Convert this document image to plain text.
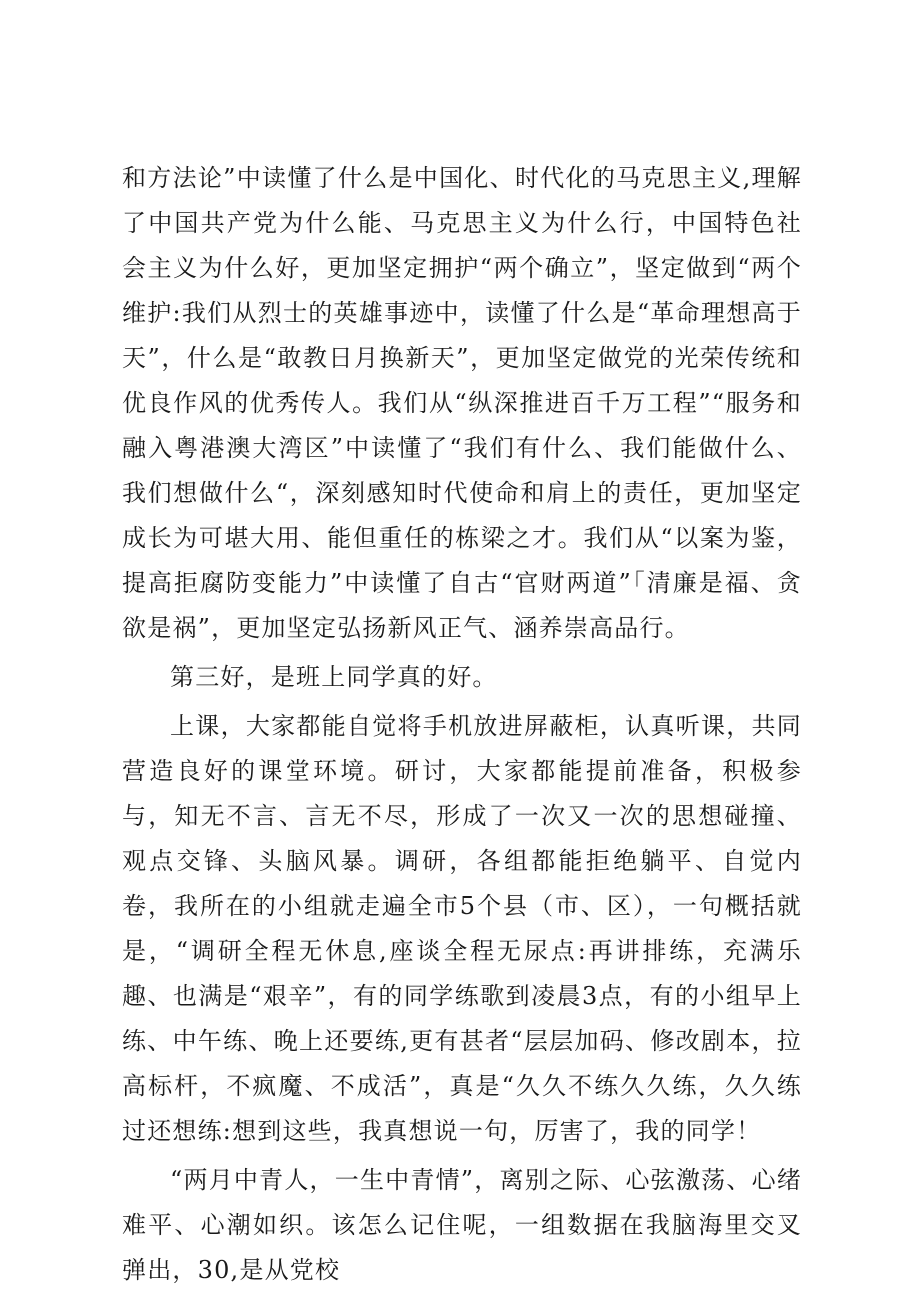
和方法论”中读懂了什么是中国化、时代化的马克思主义,理解了中国共产党为什么能、马克思主义为什么行，中国特色社会主义为什么好，更加坚定拥护“两个确立”，坚定做到“两个维护:我们从烈士的英雄事迹中，读懂了什么是“革命理想高于天”，什么是“敢教日月换新天”，更加坚定做党的光荣传统和优良作风的优秀传人。我们从“纵深推进百千万工程”“服务和融入粤港澳大湾区”中读懂了“我们有什么、我们能做什么、我们想做什么“，深刻感知时代使命和肩上的责任，更加坚定成长为可堪大用、能但重任的栋梁之才。我们从“以案为鉴，提高拒腐防变能力”中读懂了自古“官财两道”「清廉是福、贪欲是祸”，更加坚定弘扬新风正气、涵养崇高品行。

第三好，是班上同学真的好。

上课，大家都能自觉将手机放进屏蔽柜，认真听课，共同营造良好的课堂环境。研讨，大家都能提前准备，积极参与，知无不言、言无不尽，形成了一次又一次的思想碰撞、观点交锋、头脑风暴。调研，各组都能拒绝躺平、自觉内卷，我所在的小组就走遍全市5个县（市、区），一句概括就是，“调研全程无休息,座谈全程无尿点:再讲排练，充满乐趣、也满是“艰辛”，有的同学练歌到凌晨3点，有的小组早上练、中午练、晚上还要练,更有甚者“层层加码、修改剧本，拉高标杆，不疯魔、不成活”，真是“久久不练久久练，久久练过还想练:想到这些，我真想说一句，厉害了，我的同学！

“两月中青人，一生中青情”，离别之际、心弦激荡、心绪难平、心潮如织。该怎么记住呢，一组数据在我脑海里交叉弹出，30,是从党校
